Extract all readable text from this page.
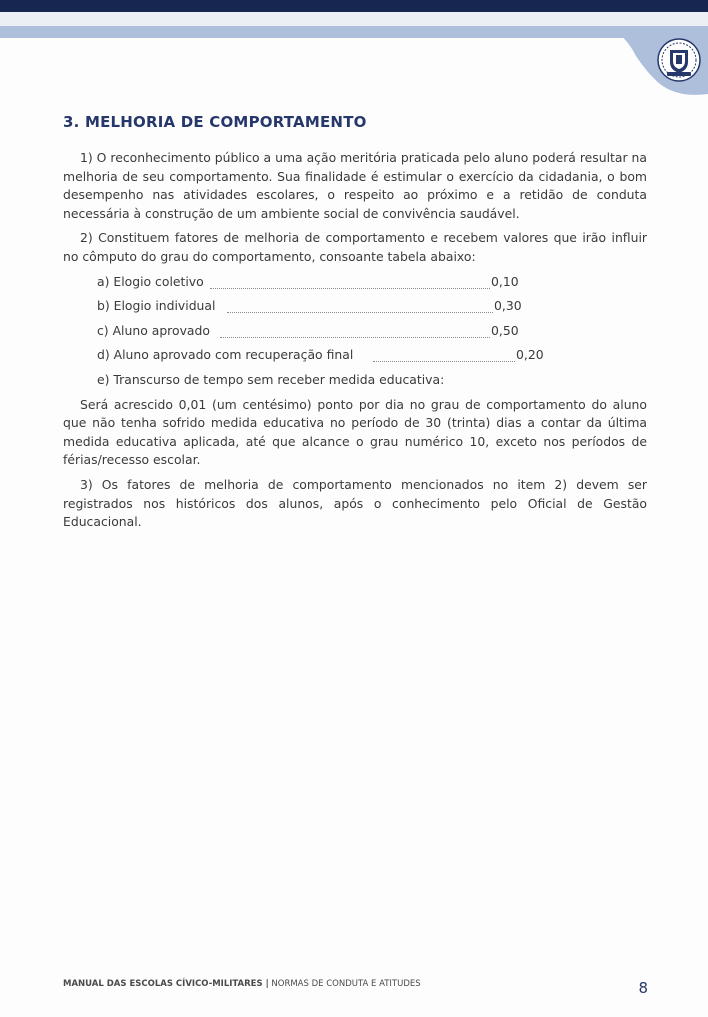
3. MELHORIA DE COMPORTAMENTO

1) O reconhecimento público a uma ação meritória praticada pelo aluno poderá resultar na melhoria de seu comportamento. Sua finalidade é estimular o exercício da cidadania, o bom desempenho nas atividades escolares, o respeito ao próximo e a retidão de conduta necessária à construção de um ambiente social de convivência saudável.

2) Constituem fatores de melhoria de comportamento e recebem valores que irão influir no cômputo do grau do comportamento, consoante tabela abaixo:

a) Elogio coletivo	0,10
b) Elogio individual	0,30
c) Aluno aprovado	0,50
d) Aluno aprovado com recuperação final	0,20
e) Transcurso de tempo sem receber medida educativa:

Será acrescido 0,01 (um centésimo) ponto por dia no grau de comportamento do aluno que não tenha sofrido medida educativa no período de 30 (trinta) dias a contar da última medida educativa aplicada, até que alcance o grau numérico 10, exceto nos períodos de férias/recesso escolar.

3) Os fatores de melhoria de comportamento mencionados no item 2) devem ser registrados nos históricos dos alunos, após o conhecimento pelo Oficial de Gestão Educacional.

MANUAL DAS ESCOLAS CÍVICO-MILITARES | NORMAS DE CONDUTA E ATITUDES	8
